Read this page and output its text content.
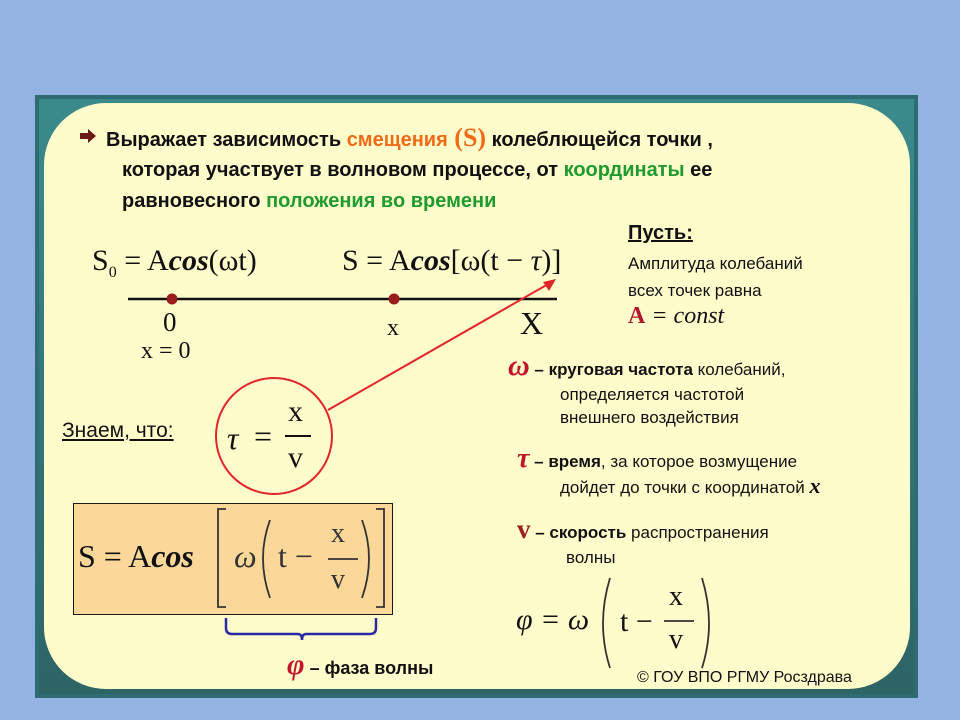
Выражает зависимость смещения (S) колеблющейся точки ,
которая участвует в волновом процессе, от координаты ее
равновесного положения во времени
$S_0 = Acos(\omega t)$	S = Acos[ω(t − τ)]
0
x = 0
x	X
Пусть:
Амплитуда колебаний
всех точек равна
A = const
ω – круговая частота колебаний,
определяется частотой
внешнего воздействия
Знаем, что: τ =
x
v	τ – время, за которое возмущение
дойдет до точки с координатой x
v – скорость распространения
волны
S = Acos ω t −
x
v
φ = ω t −
x
v
φ – фаза волны	© ГОУ ВПО РГМУ Росздрава
